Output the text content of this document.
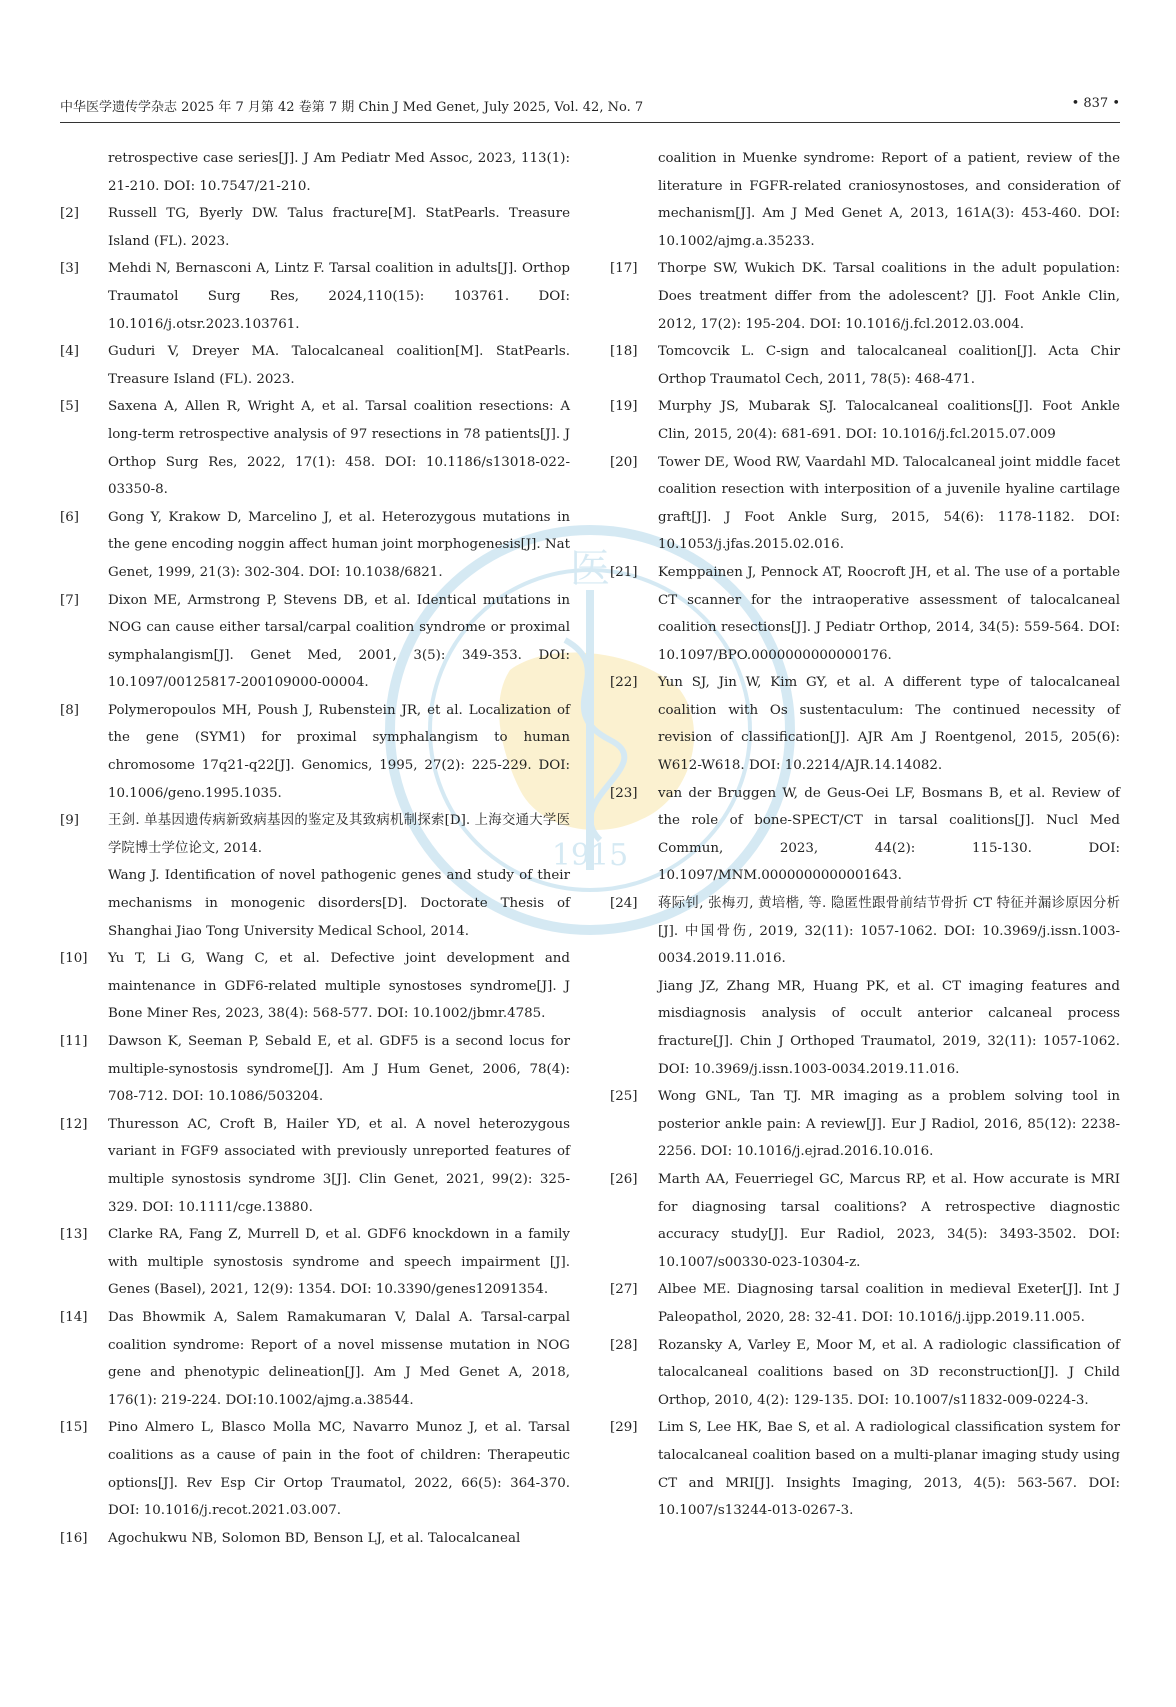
中华医学遗传学杂志 2025 年 7 月第 42 卷第 7 期 Chin J Med Genet, July 2025, Vol. 42, No. 7	• 837 •
医
1915
retrospective case series[J]. J Am Pediatr Med Assoc, 2023, 113(1): 21-210. DOI: 10.7547/21-210.
[2] Russell TG, Byerly DW. Talus fracture[M]. StatPearls. Treasure Island (FL). 2023.
[3] Mehdi N, Bernasconi A, Lintz F. Tarsal coalition in adults[J]. Orthop Traumatol Surg Res, 2024,110(15): 103761. DOI: 10.1016/j.otsr.2023.103761.
[4] Guduri V, Dreyer MA. Talocalcaneal coalition[M]. StatPearls. Treasure Island (FL). 2023.
[5] Saxena A, Allen R, Wright A, et al. Tarsal coalition resections: A long-term retrospective analysis of 97 resections in 78 patients[J]. J Orthop Surg Res, 2022, 17(1): 458. DOI: 10.1186/s13018-022-03350-8.
[6] Gong Y, Krakow D, Marcelino J, et al. Heterozygous mutations in the gene encoding noggin affect human joint morphogenesis[J]. Nat Genet, 1999, 21(3): 302-304. DOI: 10.1038/6821.
[7] Dixon ME, Armstrong P, Stevens DB, et al. Identical mutations in NOG can cause either tarsal/carpal coalition syndrome or proximal symphalangism[J]. Genet Med, 2001, 3(5): 349-353. DOI: 10.1097/00125817-200109000-00004.
[8] Polymeropoulos MH, Poush J, Rubenstein JR, et al. Localization of the gene (SYM1) for proximal symphalangism to human chromosome 17q21-q22[J]. Genomics, 1995, 27(2): 225-229. DOI: 10.1006/geno.1995.1035.
[9] 王剑. 单基因遗传病新致病基因的鉴定及其致病机制探索[D]. 上海交通大学医学院博士学位论文, 2014.
Wang J. Identification of novel pathogenic genes and study of their mechanisms in monogenic disorders[D]. Doctorate Thesis of Shanghai Jiao Tong University Medical School, 2014.
[10] Yu T, Li G, Wang C, et al. Defective joint development and maintenance in GDF6-related multiple synostoses syndrome[J]. J Bone Miner Res, 2023, 38(4): 568-577. DOI: 10.1002/jbmr.4785.
[11] Dawson K, Seeman P, Sebald E, et al. GDF5 is a second locus for multiple-synostosis syndrome[J]. Am J Hum Genet, 2006, 78(4): 708-712. DOI: 10.1086/503204.
[12] Thuresson AC, Croft B, Hailer YD, et al. A novel heterozygous variant in FGF9 associated with previously unreported features of multiple synostosis syndrome 3[J]. Clin Genet, 2021, 99(2): 325-329. DOI: 10.1111/cge.13880.
[13] Clarke RA, Fang Z, Murrell D, et al. GDF6 knockdown in a family with multiple synostosis syndrome and speech impairment [J]. Genes (Basel), 2021, 12(9): 1354. DOI: 10.3390/genes12091354.
[14] Das Bhowmik A, Salem Ramakumaran V, Dalal A. Tarsal-carpal coalition syndrome: Report of a novel missense mutation in NOG gene and phenotypic delineation[J]. Am J Med Genet A, 2018, 176(1): 219-224. DOI:10.1002/ajmg.a.38544.
[15] Pino Almero L, Blasco Molla MC, Navarro Munoz J, et al. Tarsal coalitions as a cause of pain in the foot of children: Therapeutic options[J]. Rev Esp Cir Ortop Traumatol, 2022, 66(5): 364-370. DOI: 10.1016/j.recot.2021.03.007.
[16] Agochukwu NB, Solomon BD, Benson LJ, et al. Talocalcaneal
coalition in Muenke syndrome: Report of a patient, review of the literature in FGFR-related craniosynostoses, and consideration of mechanism[J]. Am J Med Genet A, 2013, 161A(3): 453-460. DOI: 10.1002/ajmg.a.35233.
[17] Thorpe SW, Wukich DK. Tarsal coalitions in the adult population: Does treatment differ from the adolescent? [J]. Foot Ankle Clin, 2012, 17(2): 195-204. DOI: 10.1016/j.fcl.2012.03.004.
[18] Tomcovcik L. C-sign and talocalcaneal coalition[J]. Acta Chir Orthop Traumatol Cech, 2011, 78(5): 468-471.
[19] Murphy JS, Mubarak SJ. Talocalcaneal coalitions[J]. Foot Ankle Clin, 2015, 20(4): 681-691. DOI: 10.1016/j.fcl.2015.07.009
[20] Tower DE, Wood RW, Vaardahl MD. Talocalcaneal joint middle facet coalition resection with interposition of a juvenile hyaline cartilage graft[J]. J Foot Ankle Surg, 2015, 54(6): 1178-1182. DOI: 10.1053/j.jfas.2015.02.016.
[21] Kemppainen J, Pennock AT, Roocroft JH, et al. The use of a portable CT scanner for the intraoperative assessment of talocalcaneal coalition resections[J]. J Pediatr Orthop, 2014, 34(5): 559-564. DOI: 10.1097/BPO.0000000000000176.
[22] Yun SJ, Jin W, Kim GY, et al. A different type of talocalcaneal coalition with Os sustentaculum: The continued necessity of revision of classification[J]. AJR Am J Roentgenol, 2015, 205(6): W612-W618. DOI: 10.2214/AJR.14.14082.
[23] van der Bruggen W, de Geus-Oei LF, Bosmans B, et al. Review of the role of bone-SPECT/CT in tarsal coalitions[J]. Nucl Med Commun, 2023, 44(2): 115-130. DOI: 10.1097/MNM.0000000000001643.
[24] 蒋际钊, 张梅刃, 黄培楷, 等. 隐匿性跟骨前结节骨折 CT 特征并漏诊原因分析[J]. 中国骨伤, 2019, 32(11): 1057-1062. DOI: 10.3969/j.issn.1003-0034.2019.11.016.
Jiang JZ, Zhang MR, Huang PK, et al. CT imaging features and misdiagnosis analysis of occult anterior calcaneal process fracture[J]. Chin J Orthoped Traumatol, 2019, 32(11): 1057-1062. DOI: 10.3969/j.issn.1003-0034.2019.11.016.
[25] Wong GNL, Tan TJ. MR imaging as a problem solving tool in posterior ankle pain: A review[J]. Eur J Radiol, 2016, 85(12): 2238-2256. DOI: 10.1016/j.ejrad.2016.10.016.
[26] Marth AA, Feuerriegel GC, Marcus RP, et al. How accurate is MRI for diagnosing tarsal coalitions? A retrospective diagnostic accuracy study[J]. Eur Radiol, 2023, 34(5): 3493-3502. DOI: 10.1007/s00330-023-10304-z.
[27] Albee ME. Diagnosing tarsal coalition in medieval Exeter[J]. Int J Paleopathol, 2020, 28: 32-41. DOI: 10.1016/j.ijpp.2019.11.005.
[28] Rozansky A, Varley E, Moor M, et al. A radiologic classification of talocalcaneal coalitions based on 3D reconstruction[J]. J Child Orthop, 2010, 4(2): 129-135. DOI: 10.1007/s11832-009-0224-3.
[29] Lim S, Lee HK, Bae S, et al. A radiological classification system for talocalcaneal coalition based on a multi-planar imaging study using CT and MRI[J]. Insights Imaging, 2013, 4(5): 563-567. DOI: 10.1007/s13244-013-0267-3.
